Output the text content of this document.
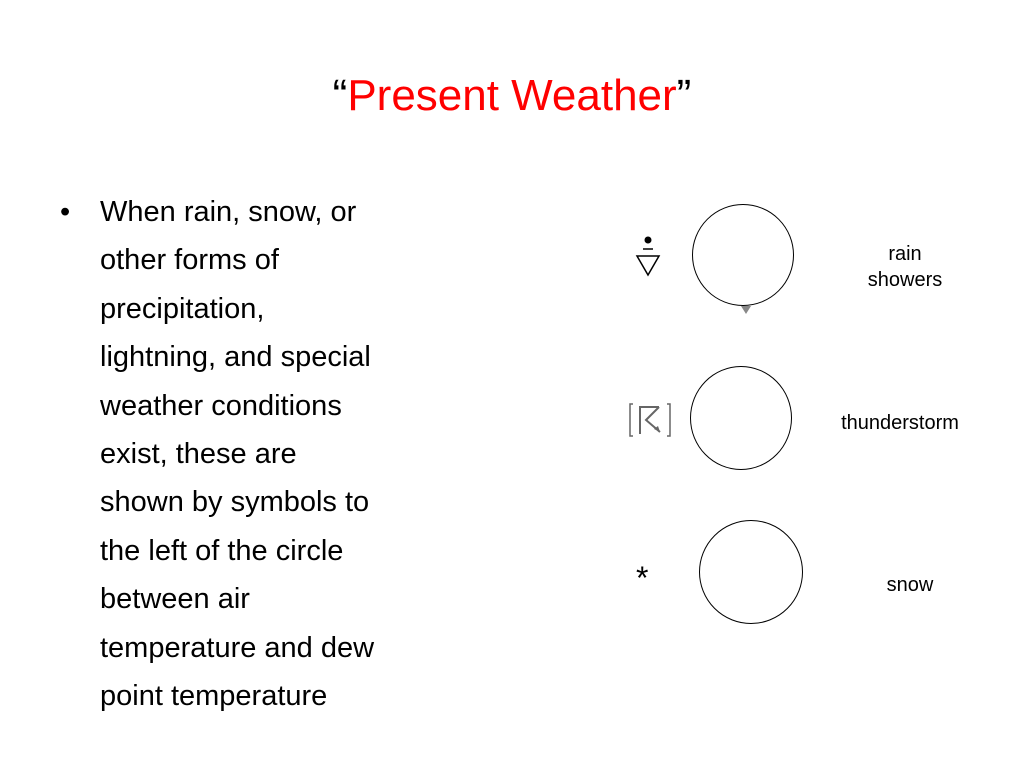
“Present Weather”
• When rain, snow, or
other forms of
precipitation,
lightning, and special
weather conditions
exist, these are
shown by symbols to
the left of the circle
between air
temperature and dew
point temperature
rain
showers
thunderstorm
*	snow
